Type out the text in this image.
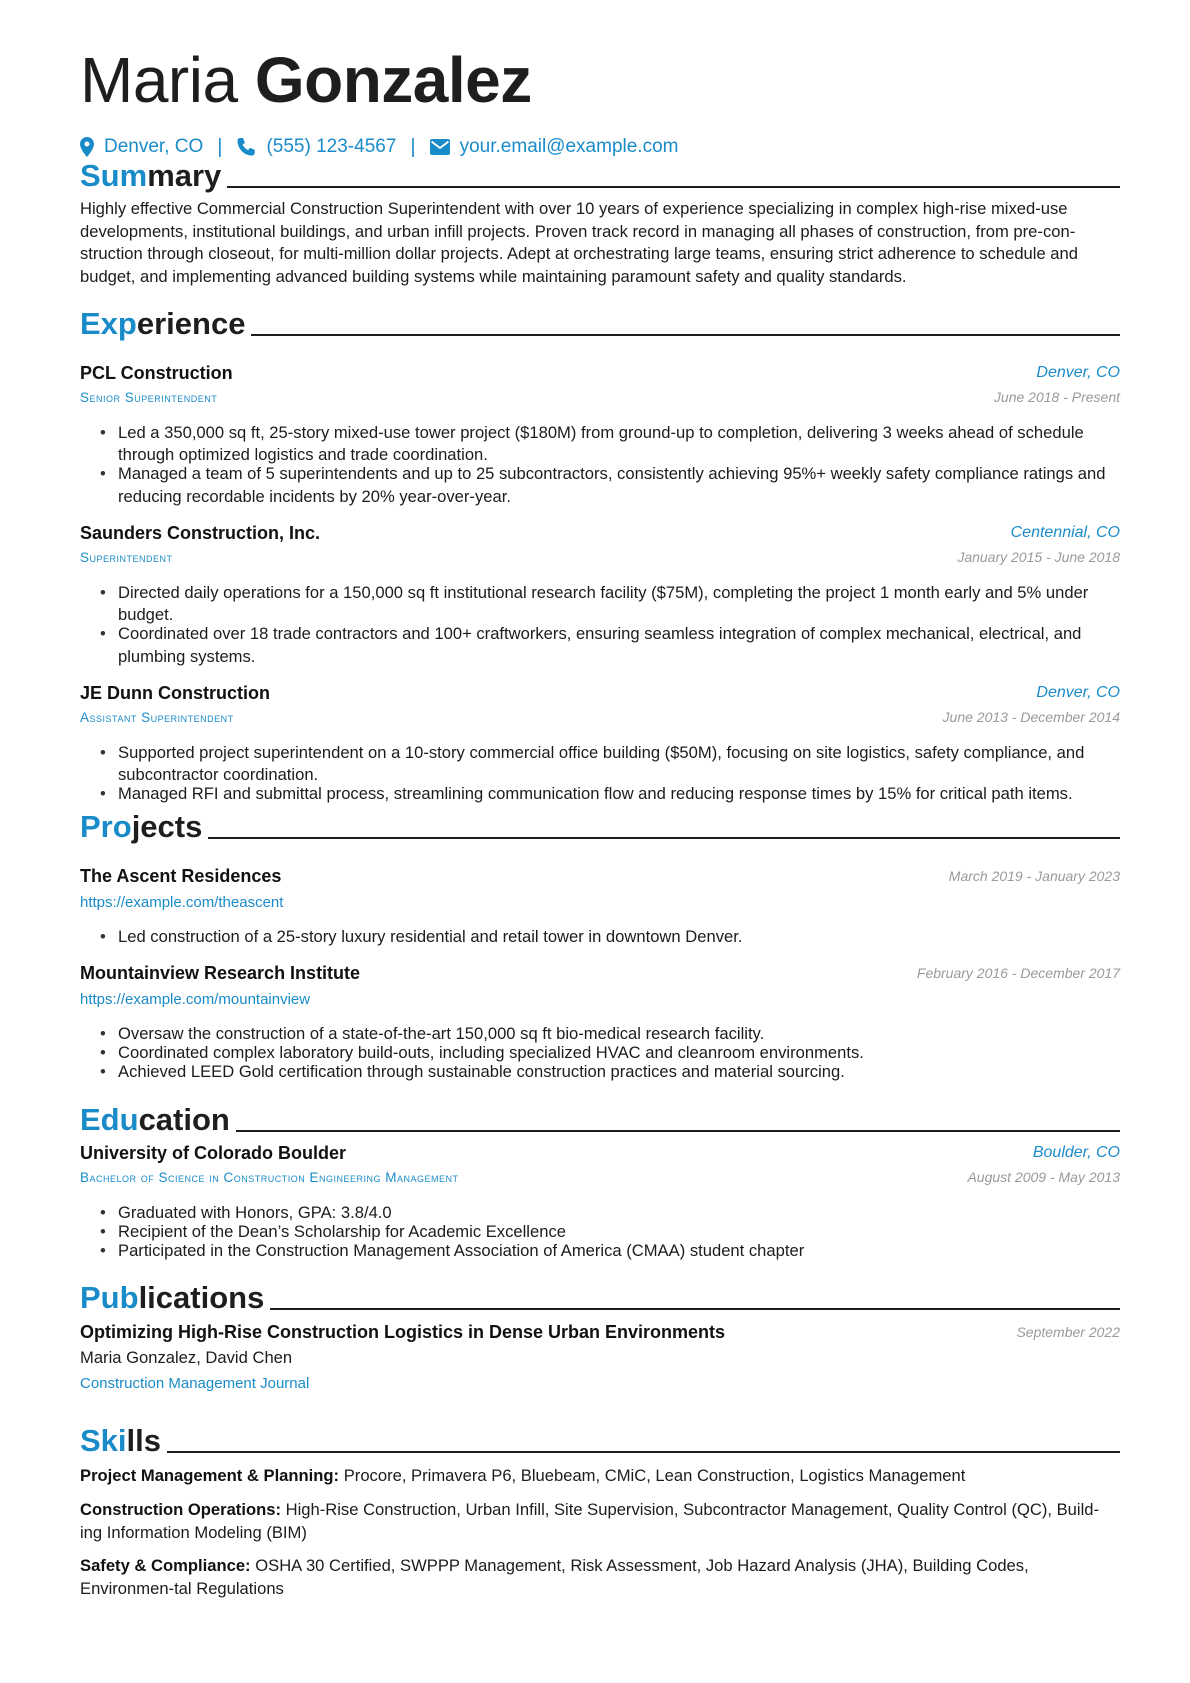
Maria Gonzalez
Denver, CO | (555) 123-4567 | your.email@example.com
Summary
Highly effective Commercial Construction Superintendent with over 10 years of experience specializing in complex high-rise mixed-use developments, institutional buildings, and urban infill projects. Proven track record in managing all phases of construction, from pre-con-struction through closeout, for multi-million dollar projects. Adept at orchestrating large teams, ensuring strict adherence to schedule and budget, and implementing advanced building systems while maintaining paramount safety and quality standards.
Experience
PCL Construction	Denver, CO
Senior Superintendent	June 2018 - Present
• Led a 350,000 sq ft, 25-story mixed-use tower project ($180M) from ground-up to completion, delivering 3 weeks ahead of schedule through optimized logistics and trade coordination.
• Managed a team of 5 superintendents and up to 25 subcontractors, consistently achieving 95%+ weekly safety compliance ratings and reducing recordable incidents by 20% year-over-year.
Saunders Construction, Inc.	Centennial, CO
Superintendent	January 2015 - June 2018
• Directed daily operations for a 150,000 sq ft institutional research facility ($75M), completing the project 1 month early and 5% under budget.
• Coordinated over 18 trade contractors and 100+ craftworkers, ensuring seamless integration of complex mechanical, electrical, and plumbing systems.
JE Dunn Construction	Denver, CO
Assistant Superintendent	June 2013 - December 2014
• Supported project superintendent on a 10-story commercial office building ($50M), focusing on site logistics, safety compliance, and subcontractor coordination.
• Managed RFI and submittal process, streamlining communication flow and reducing response times by 15% for critical path items.
Projects
The Ascent Residences	March 2019 - January 2023
https://example.com/theascent
• Led construction of a 25-story luxury residential and retail tower in downtown Denver.
Mountainview Research Institute	February 2016 - December 2017
https://example.com/mountainview
• Oversaw the construction of a state-of-the-art 150,000 sq ft bio-medical research facility.
• Coordinated complex laboratory build-outs, including specialized HVAC and cleanroom environments.
• Achieved LEED Gold certification through sustainable construction practices and material sourcing.
Education
University of Colorado Boulder	Boulder, CO
Bachelor of Science in Construction Engineering Management	August 2009 - May 2013
• Graduated with Honors, GPA: 3.8/4.0
• Recipient of the Dean’s Scholarship for Academic Excellence
• Participated in the Construction Management Association of America (CMAA) student chapter
Publications
Optimizing High-Rise Construction Logistics in Dense Urban Environments	September 2022
Maria Gonzalez, David Chen
Construction Management Journal
Skills
Project Management & Planning: Procore, Primavera P6, Bluebeam, CMiC, Lean Construction, Logistics Management
Construction Operations: High-Rise Construction, Urban Infill, Site Supervision, Subcontractor Management, Quality Control (QC), Build-ing Information Modeling (BIM)
Safety & Compliance: OSHA 30 Certified, SWPPP Management, Risk Assessment, Job Hazard Analysis (JHA), Building Codes, Environmen-tal Regulations
